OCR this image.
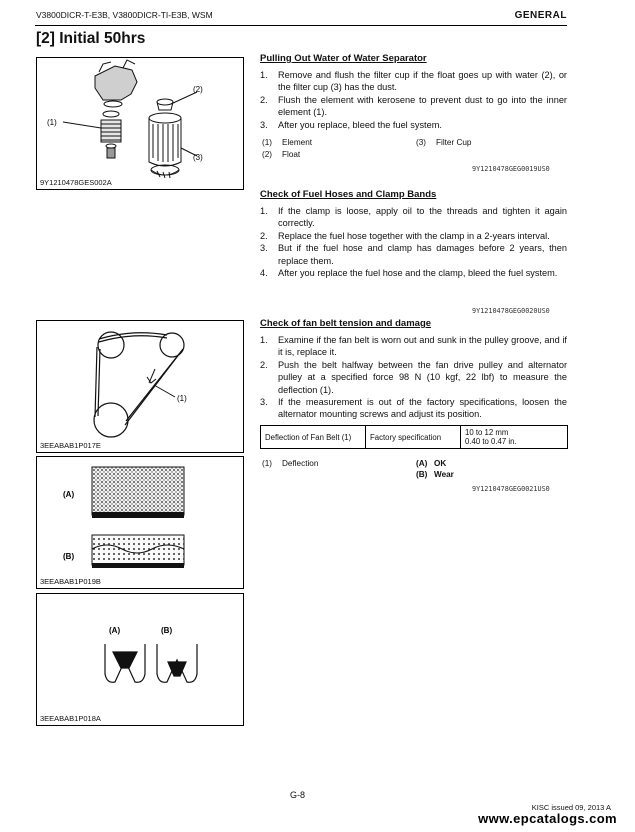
V3800DICR-T-E3B, V3800DICR-TI-E3B, WSM	GENERAL
[2] Initial 50hrs
(1)
(2)
(3)
9Y1210478GES002A
(1)
3EEABAB1P017E
(A)
(B)
3EEABAB1P019B
(A)	(B)
3EEABAB1P018A
Pulling Out Water of Water Separator
1. Remove and flush the filter cup if the float goes up with water (2), or the filter cup (3) has the dust.
2. Flush the element with kerosene to prevent dust to go into the inner element (1).
3. After you replace, bleed the fuel system.
(1) Element	(3) Filter Cup
(2) Float
9Y1210478GEG0019US0
Check of Fuel Hoses and Clamp Bands
1. If the clamp is loose, apply oil to the threads and tighten it again correctly.
2. Replace the fuel hose together with the clamp in a 2-years interval.
3. But if the fuel hose and clamp has damages before 2 years, then replace them.
4. After you replace the fuel hose and the clamp, bleed the fuel system.
9Y1210478GEG0020US0
Check of fan belt tension and damage
1. Examine if the fan belt is worn out and sunk in the pulley groove, and if it is, replace it.
2. Push the belt halfway between the fan drive pulley and alternator pulley at a specified force 98 N (10 kgf, 22 lbf) to measure the deflection (1).
3. If the measurement is out of the factory specifications, loosen the alternator mounting screws and adjust its position.
Deflection of Fan Belt (1)	Factory specification	10 to 12 mm
0.40 to 0.47 in.
(1) Deflection	(A) OK
(B) Wear
9Y1210478GEG0021US0
G-8
KISC issued 09, 2013 A
www.epcatalogs.com
